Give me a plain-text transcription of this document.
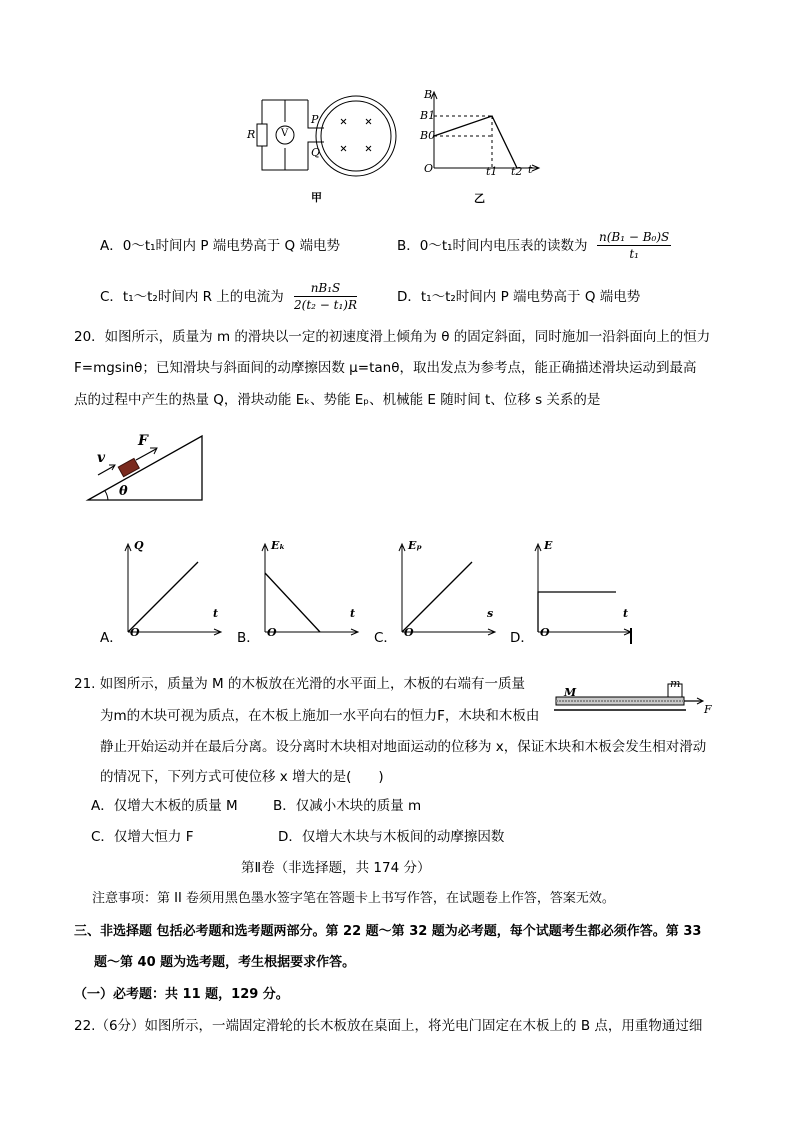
R	V
P
Q
甲
B
B1
B0
O	t1 t2 t
乙
A．0～t₁时间内 P 端电势高于 Q 端电势	B．0～t₁时间内电压表的读数为 $\frac{\text{n(B₁ − B₀)S}}{\text{t₁}}$
C．t₁～t₂时间内 R 上的电流为 $\frac{\text{nB₁S}}{\text{2(t₂ − t₁)R}}$	D．t₁～t₂时间内 P 端电势高于 Q 端电势
20．如图所示，质量为 m 的滑块以一定的初速度滑上倾角为 θ 的固定斜面，同时施加一沿斜面向上的恒力
F=mgsinθ；已知滑块与斜面间的动摩擦因数 μ=tanθ，取出发点为参考点，能正确描述滑块运动到最高
点的过程中产生的热量 Q，滑块动能 Eₖ、势能 Eₚ、机械能 E 随时间 t、位移 s 关系的是
v
F
θ
A．
Q
t
O	B．
Eₖ
t
O	C．
Eₚ
s
O	D．
E
t
O
21. 如图所示，质量为 M 的木板放在光滑的水平面上，木板的右端有一质量
为m的木块可视为质点，在木板上施加一水平向右的恒力F，木块和木板由
静止开始运动并在最后分离。设分离时木块相对地面运动的位移为 x，保证木块和木板会发生相对滑动
的情况下，下列方式可使位移 x 增大的是(　　)
M
m
F
A．仅增大木板的质量 M	B．仅减小木块的质量 m
C．仅增大恒力 F	D．仅增大木块与木板间的动摩擦因数
第Ⅱ卷（非选择题，共 174 分）
注意事项：第 II 卷须用黑色墨水签字笔在答题卡上书写作答，在试题卷上作答，答案无效。
三、非选择题 包括必考题和选考题两部分。第 22 题～第 32 题为必考题，每个试题考生都必须作答。第 33
题～第 40 题为选考题，考生根据要求作答。
（一）必考题：共 11 题，129 分。
22.（6分）如图所示，一端固定滑轮的长木板放在桌面上，将光电门固定在木板上的 B 点，用重物通过细
